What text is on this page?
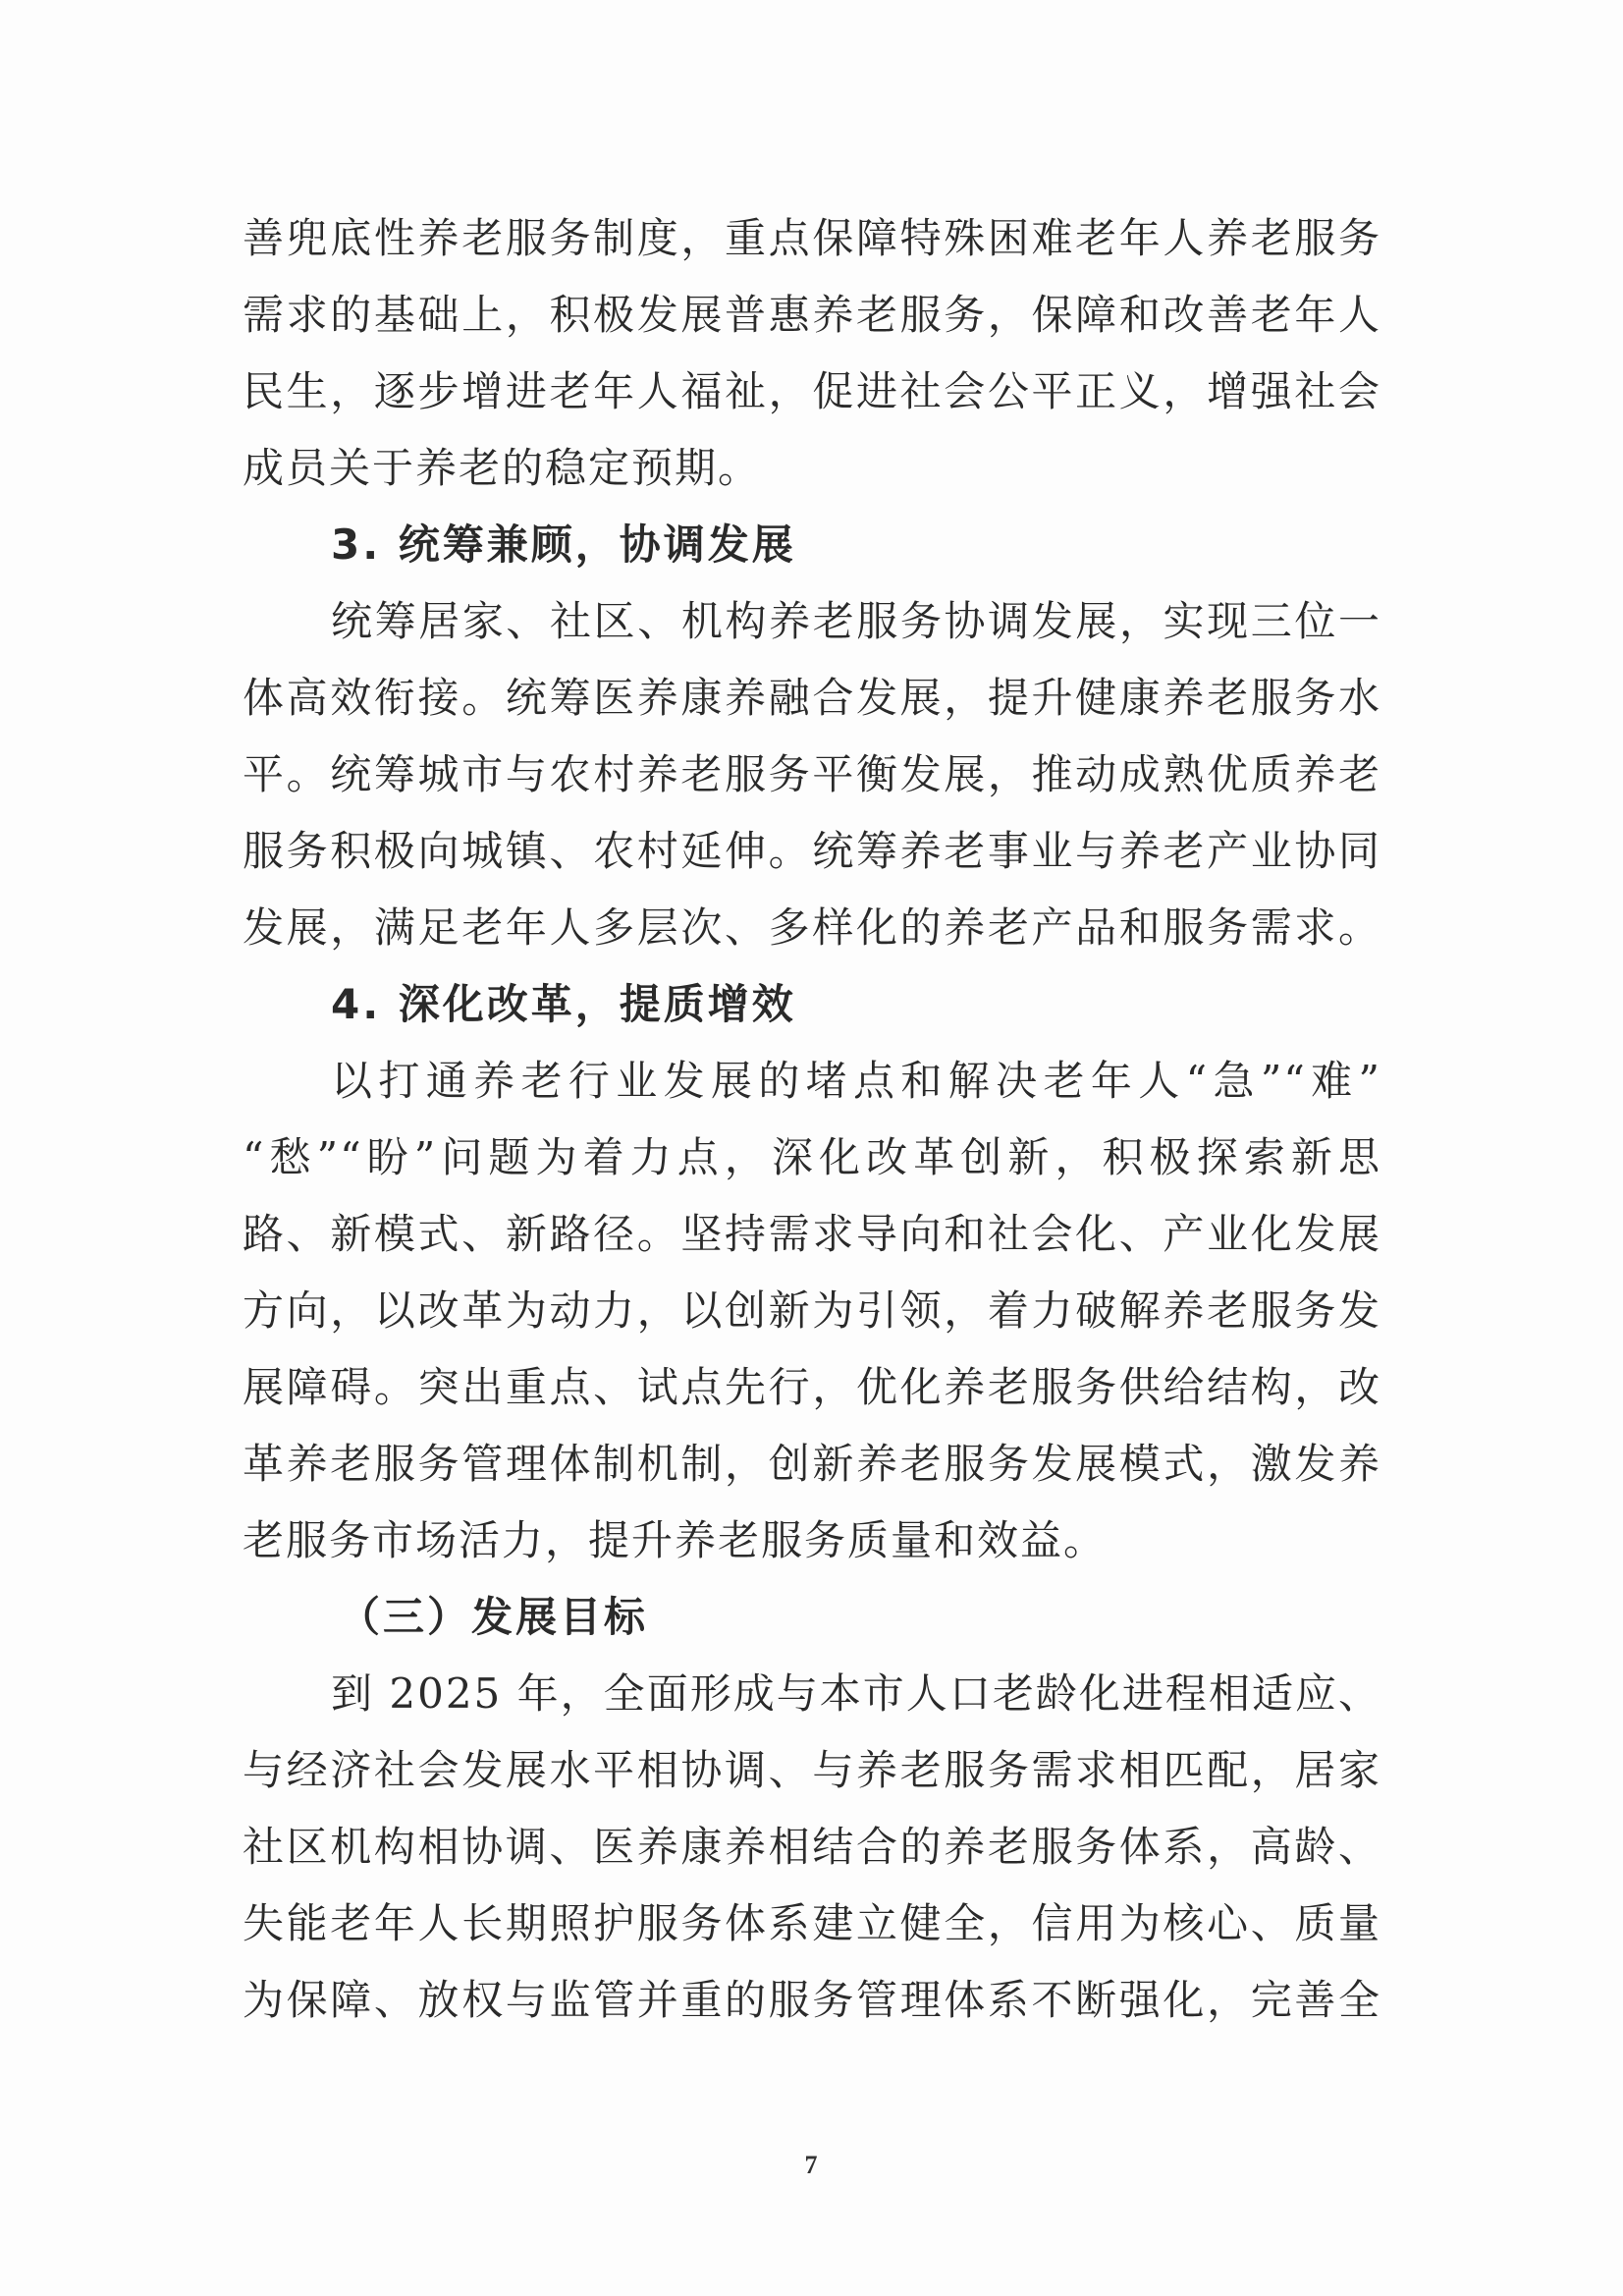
善兜底性养老服务制度，重点保障特殊困难老年人养老服务
需求的基础上，积极发展普惠养老服务，保障和改善老年人
民生，逐步增进老年人福祉，促进社会公平正义，增强社会
成员关于养老的稳定预期。
3. 统筹兼顾，协调发展
统筹居家、社区、机构养老服务协调发展，实现三位一
体高效衔接。统筹医养康养融合发展，提升健康养老服务水
平。统筹城市与农村养老服务平衡发展，推动成熟优质养老
服务积极向城镇、农村延伸。统筹养老事业与养老产业协同
发展，满足老年人多层次、多样化的养老产品和服务需求。
4. 深化改革，提质增效
以打通养老行业发展的堵点和解决老年人“急”“难”
“愁”“盼”问题为着力点，深化改革创新，积极探索新思
路、新模式、新路径。坚持需求导向和社会化、产业化发展
方向，以改革为动力，以创新为引领，着力破解养老服务发
展障碍。突出重点、试点先行，优化养老服务供给结构，改
革养老服务管理体制机制，创新养老服务发展模式，激发养
老服务市场活力，提升养老服务质量和效益。
（三）发展目标
到 2025 年，全面形成与本市人口老龄化进程相适应、
与经济社会发展水平相协调、与养老服务需求相匹配，居家
社区机构相协调、医养康养相结合的养老服务体系，高龄、
失能老年人长期照护服务体系建立健全，信用为核心、质量
为保障、放权与监管并重的服务管理体系不断强化，完善全
7
